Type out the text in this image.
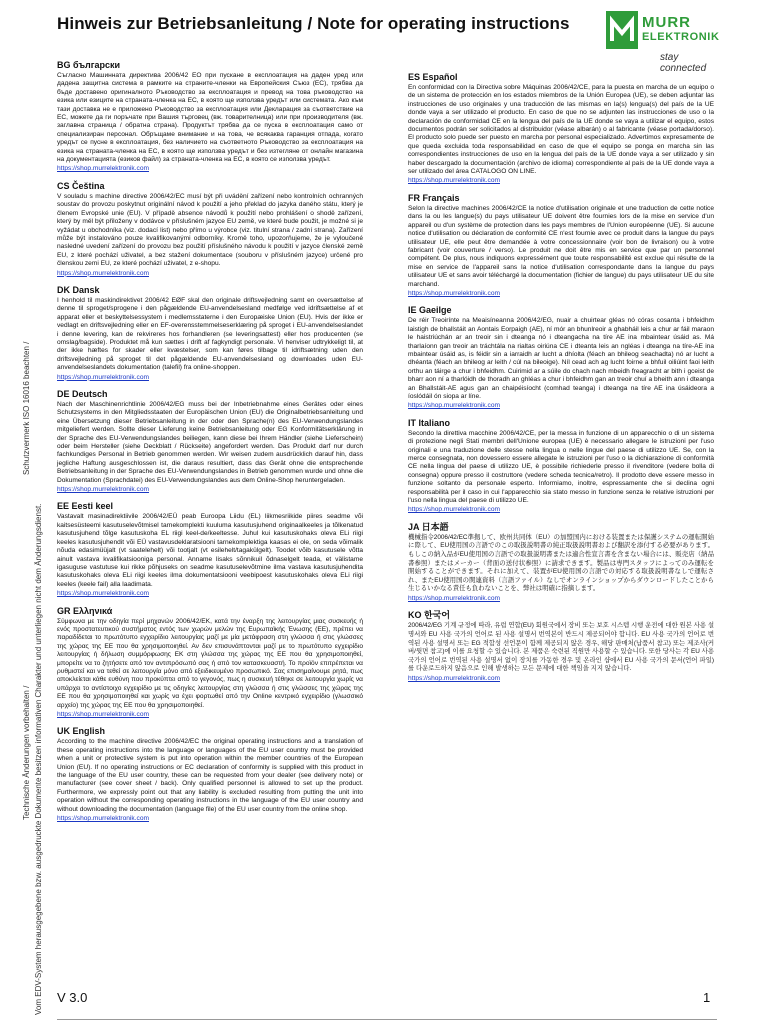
Hinweis zur Betriebsanleitung / Note for operating instructions	MURR
ELEKTRONIK
stay connected
Schutzvermerk ISO 16016 beachten /
Technische Änderungen vorbehalten / Vom EDV-System herausgegebene bzw. ausgedruckte Dokumente besitzen informativen Charakter und unterliegen nicht dem Änderungsdienst.
BG български

Съгласно Машинната директива 2006/42 ЕО при пускане в експлоатация на даден уред или дадена защитна система в рамките на страните-членки на Европейския Съюз (ЕС), трябва да бъде доставено оригиналното Ръководство за експлоатация и превод на това ръководство на езика или езиците на страната-членка на ЕС, в която ще използва уредът или системата. Ако към тази доставка не е приложено Ръководство за експлоатация или Декларация за съответствие на ЕС, можете да ги поръчате при Вашия търговец (вж. товарителница) или при производителя (вж. заглавна страница / обратна страна). Продуктът трябва да се пуска в експлоатация само от специализиран персонал. Обръщаме внимание и на това, че всякаква гаранция отпада, когато уредът се пусне в експлоатация, без наличието на съответното Ръководство за експлоатация на езика на страната-членка на ЕС, в която ще използва уредът и без изтегляне от онлайн магазина на документацията (езиков файл) за страната-членка на ЕС, в която се използва уредът.

https://shop.murrelektronik.com
CS Čeština

V souladu s machine directive 2006/42/EC musí být při uvádění zařízení nebo kontrolních ochranných soustav do provozu poskytnut originální návod k použití a jeho překlad do jazyka daného státu, který je členem Evropské unie (EU). V případě absence návodů k použití nebo prohlášení o shodě zařízení, který by měl být přiloženy v dodávce v příslušném jazyce EU země, ve které bude použit, je možné si je vyžádat u obchodníka (viz. dodací list) nebo přímo u výrobce (viz. titulní strana / zadní strana). Zařízení může být instalováno pouze kvalifikovanými odborníky. Kromě toho, upozorňujeme, že je vyloučené nasledné uvedení zařízení do provozu bez použití příslušného návodu k použití v jazyce členské země EU, z které pochází uživatel, a bez stažení dokumentace (souboru v příslušném jazyce) určené pro členskou zemi EU, ze které pochází uživatel, z e-shopu.

https://shop.murrelektronik.com
DK Dansk

I henhold til maskindirektivet 2006/42 EØF skal den originale driftsvejledning samt en oversættelse af denne til sproget/sprogene i den pågældende EU-anvendelsesland medfølge ved idriftsættelse af et apparat eller et beskyttelsessystem i medlemsstaterne i den Europæiske Union (EU). Hvis der ikke er vedlagt en driftsvejledning eller en EF-overensstemmelseserklæring på sproget i EU-anvendelseslandet i denne levering, kan de rekvireres hos forhandleren (se leveringsattest) eller hos producenten (se omslag/bagside). Produktet må kun sættes i drift af fagkyndigt personale. Vi henviser udtrykkeligt til, at der ikke hæftes for skader eller kvæstelser, som kan føres tilbage til idriftsætning uden den driftsvejledning på sproget til det pågældende EU-anvendelsesland og downloades uden EU-anvendelseslandets dokumentation (talefil) fra online-shoppen.

https://shop.murrelektronik.com
DE Deutsch

Nach der Maschinenrichtlinie 2006/42/EG muss bei der Inbetriebnahme eines Gerätes oder eines Schutzsystems in den Mitgliedsstaaten der Europäischen Union (EU) die Originalbetriebsanleitung und eine Übersetzung dieser Betriebsanleitung in der oder den Sprache(n) des EU-Verwendungslandes mitgeliefert werden. Sollte dieser Lieferung keine Betriebsanleitung oder EG Konformitätserklärung in der Sprache des EU-Verwendungslandes beiliegen, kann diese bei Ihrem Händler (siehe Lieferschein) oder beim Hersteller (siehe Deckblatt / Rückseite) angefordert werden. Das Produkt darf nur durch fachkundiges Personal in Betrieb genommen werden. Wir weisen zudem ausdrücklich darauf hin, dass jegliche Haftung ausgeschlossen ist, die daraus resultiert, dass das Gerät ohne die entsprechende Betriebsanleitung in der Sprache des EU-Verwendungslandes in Betrieb genommen wurde und ohne die Dokumentation (Sprachdatei) des EU-Verwendungslandes aus dem Online-Shop heruntergeladen.

https://shop.murrelektronik.com
EE Eesti keel

Vastavalt masinadirektiivile 2006/42/EÜ peab Euroopa Liidu (EL) liikmesriikide piires seadme või kaitsesüsteemi kasutuselevõtmisel tarnekomplekti kuuluma kasutusjuhend originaalkeeles ja tõlkenatud kasutusjuhend tõlge kasutuskoha EL riigi keel-de/keeltesse. Juhul kui kasutuskohaks oleva ELi riigi keeles kasutusjuhendit või EÜ vastavusdeklaratsiooni tarnekomplektiga kaasas ei ole, on seda võimalik nõuda edasimüüjalt (vt saatelehelt) või tootjalt (vt esilehelt/tagakülgelt). Toodet võib kasutusele võtta ainult vastava kvalifikatsiooniga personal. Anname lisaks sõnnikuil õdnaselgelt teada, et välistame igasuguse vastutuse kui rikke põhjuseks on seadme kasutuselevõtmine ilma vastava kasutusjuhendita kasutuskohaks oleva ELi riigi keeles ilma dokumentatsiooni veebipoest kasutuskohaks oleva ELi riigi keeles (keele fail) alla laadimata.

https://shop.murrelektronik.com
GR Ελληνικά

Σύμφωνα με την οδηγία περί μηχανών 2006/42/ΕΚ, κατά την έναρξη της λειτουργίας μιας συσκευής ή ενός προστατευτικού συστήματος εντός των χωρών μελών της Ευρωπαϊκής Ένωσης (ΕΕ), πρέπει να παραδίδεται το πρωτότυπο εγχειρίδιο λειτουργίας μαζί με μία μετάφραση στη γλώσσα ή στις γλώσσες της χώρας της ΕΕ που θα χρησιμοποιηθεί. Αν δεν επισυνάπτονται μαζί με το πρωτότυπο εγχειρίδιο λειτουργίας ή δήλωση συμμόρφωσης ΕΚ στη γλώσσα της χώρας της ΕΕ που θα χρησιμοποιηθεί, μπορείτε να το ζητήσετε από τον αντιπρόσωπό σας ή από τον κατασκευαστή. Το προϊόν επιτρέπεται να ρυθμιστεί και να τεθεί σε λειτουργία μόνο από εξειδικευμένο προσωπικό. Σας επισημαίνουμε ρητά, πως αποκλείεται κάθε ευθύνη που προκύπτει από το γεγονός, πως η συσκευή τέθηκε σε λειτουργία χωρίς να υπάρχει το αντίστοιχο εγχειρίδιο με τις οδηγίες λειτουργίας στη γλώσσα ή στις γλώσσες της χώρας της ΕΕ που θα χρησιμοποιηθεί και χωρίς να έχει φορτωθεί από την Online κεντρικό εγχειρίδιο (γλωσσικό αρχείο) της χώρας της ΕΕ που θα χρησιμοποιηθεί.

https://shop.murrelektronik.com
UK English

According to the machine directive 2006/42/EC the original operating instructions and a translation of these operating instructions into the language or languages of the EU user country must be provided when a unit or protective system is put into operation within the member countries of the European Union (EU). If no operating instructions or EC declaration of conformity is supplied with this product in the language of the EU user country, these can be requested from your dealer (see delivery note) or manufacturer (see cover sheet / back). Only qualified personnel is allowed to set up the product. Furthermore, we expressly point out that any liability is excluded resulting from putting the unit into operation without the corresponding operating instructions in the language of the EU user country and without downloading the documentation (language file) of the EU user country from the online shop.

https://shop.murrelektronik.com
ES Español

En conformidad con la Directiva sobre Máquinas 2006/42/CE, para la puesta en marcha de un equipo o de un sistema de protección en los estados miembros de la Unión Europea (UE), se deben adjuntar las instrucciones de uso originales y una traducción de las mismas en la(s) lengua(s) del país de la UE donde vaya a ser utilizado el producto. En caso de que no se adjunten las instrucciones de uso o la declaración de conformidad CE en la lengua del país de la UE donde se vaya a utilizar el equipo, estos documentos podrán ser solicitados al distribuidor (véase albarán) o al fabricante (véase portada/dorso). El producto solo puede ser puesto en marcha por personal especializado. Advertimos expresamente de que queda excluida toda responsabilidad en caso de que el equipo se ponga en marcha sin las correspondientes instrucciones de uso en la lengua del país de la UE donde vaya a ser utilizado y sin haber descargado la documentación (archivo de idioma) correspondiente al país de la UE donde vaya a ser utilizado del área CATALOGO ON LINE.

https://shop.murrelektronik.com
FR Français

Selon la directive machines 2006/42/CE la notice d'utilisation originale et une traduction de cette notice dans la ou les langue(s) du pays utilisateur UE doivent être fournies lors de la mise en service d'un appareil ou d'un système de protection dans les pays membres de l'Union européenne (UE). Si aucune notice d'utilisation ou déclaration de conformité CE n'est fournie avec ce produit dans la langue du pays utilisateur UE, elle peut être demandée à votre concessionnaire (voir bon de livraison) ou à votre fabricant (voir couverture / verso). Le produit ne doit être mis en service que par un personnel compétent. De plus, nous indiquons expressément que toute responsabilité est exclue qui résulte de la mise en service de l'appareil sans la notice d'utilisation correspondante dans la langue du pays utilisateur UE et sans avoir téléchargé la documentation (fichier de langue) du pays utilisateur UE du site marchand.

https://shop.murrelektronik.com
IE Gaeilge

De réir Treoirínte na Meaisíneanna 2006/42/EG, nuair a chuirtear gléas nó córas cosanta i bhfeidhm laistigh de bhallstáit an Aontais Eorpaigh (AE), ní mór an bhunlreoir a ghabháil leis a chur ar fáil maraon le haistriúchán ar an treoir sin i dteanga nó i dteangacha na tíre AE ina mbaintear úsáid as. Má tharlaíonn gan treoir an tráchtála na rialtas oiriúna CE i dteanta leis an ngléas i dteanga na tíre-AE ina mbaintear úsáid as, is féidir sin a iarraidh ar lucht a dhíolta (féach an bhileog seachadta) nó ar lucht a dhéanta (féach an bhileog ar leith / cúl na bileoige). Níl cead ach ag lucht foirne a bhfuil oiliúint faoi leith orthu an táirge a chur i bhfeidhm. Cuirimid ar a súile do chach nach mbeidh freagracht ar bith i gceist de bharr aon ní a tharlóidh de thoradh an ghléas a chur i bhfeidhm gan an treoir chuí a bheith ann i dteanga an Bhallstáit-AE agus gan an chaipéisíocht (comhad teanga) i dteanga na tíre AE ina úsáideora a íoslódáil ón siopa ar líne.

https://shop.murrelektronik.com
IT Italiano

Secondo la direttiva macchine 2006/42/CE, per la messa in funzione di un apparecchio o di un sistema di protezione negli Stati membri dell'Unione europea (UE) è necessario allegare le istruzioni per l'uso originali e una traduzione delle stesse nella lingua o nelle lingue del paese di utilizzo UE. Se, con la merce consegnata, non dovessero essere allegate le istruzioni per l'uso o la dichiarazione di conformità CE nella lingua del paese di utilizzo UE, è possibile richiederle presso il rivenditore (vedere bolla di consegna) oppure presso il costruttore (vedere scheda tecnica/retro). Il prodotto deve essere messo in funzione soltanto da personale esperto. Informiamo, inoltre, espressamente che si declina ogni responsabilità per il caso in cui l'apparecchio sia stato messo in funzione senza le relative istruzioni per l'uso nella lingua del paese di utilizzo UE.

https://shop.murrelektronik.com
JA 日本語

機械指令2006/42/EC準拠して、欧州共同体（EU）の加盟国内における装置または保護システムの運転開始に際して、EU使用国の言語でのこの取扱説明書の純正取扱説明書および翻訳を添付する必要があります。もしこの納入品がEU使用国の言語での取扱説明書または適合性宣言書を含まない場合には、販売店（納品書参照）またはメーカー（背面の送付状参照）に請求できます。製品は専門スタッフによってのみ運転を開始することができます。それに加えて、装置がEU使用国の言語での対応する取扱説明書なしで運転され、またEU使用国の関連資料（言語ファイル）なしでオンラインショップからダウンロードしたことから生じるいかなる責任も負わないことを、弊社は明確に指摘します。

https://shop.murrelektronik.com
KO 한국어

2006/42/EG 기계 규정에 따라, 유럽 연합(EU) 회원국에서 장비 또는 보호 시스템 시행 운전에 대한 원본 사용 설명서와 EU 사용 국가의 언어로 된 사용 설명서 번역본이 반드시 제공되어야 합니다. EU 사용 국가의 언어로 번역된 사용 설명서 또는 EG 적합성 선언문이 함께 제공되지 않은 경우, 해당 판매처(납품서 참고) 또는 제조사(커버/뒷면 참고)에 이를 요청할 수 있습니다. 본 제품은 숙련된 직원만 사용할 수 있습니다. 또한 당사는 각 EU 사용 국가의 언어로 번역된 사용 설명서 없이 장치를 가동한 경우 및 온라인 샵에서 EU 사용 국가의 문서(언어 파일)를 다운로드하지 않음으로 인해 발생하는 모든 문제에 대한 책임을 지지 않습니다.

https://shop.murrelektronik.com
V 3.0	1
